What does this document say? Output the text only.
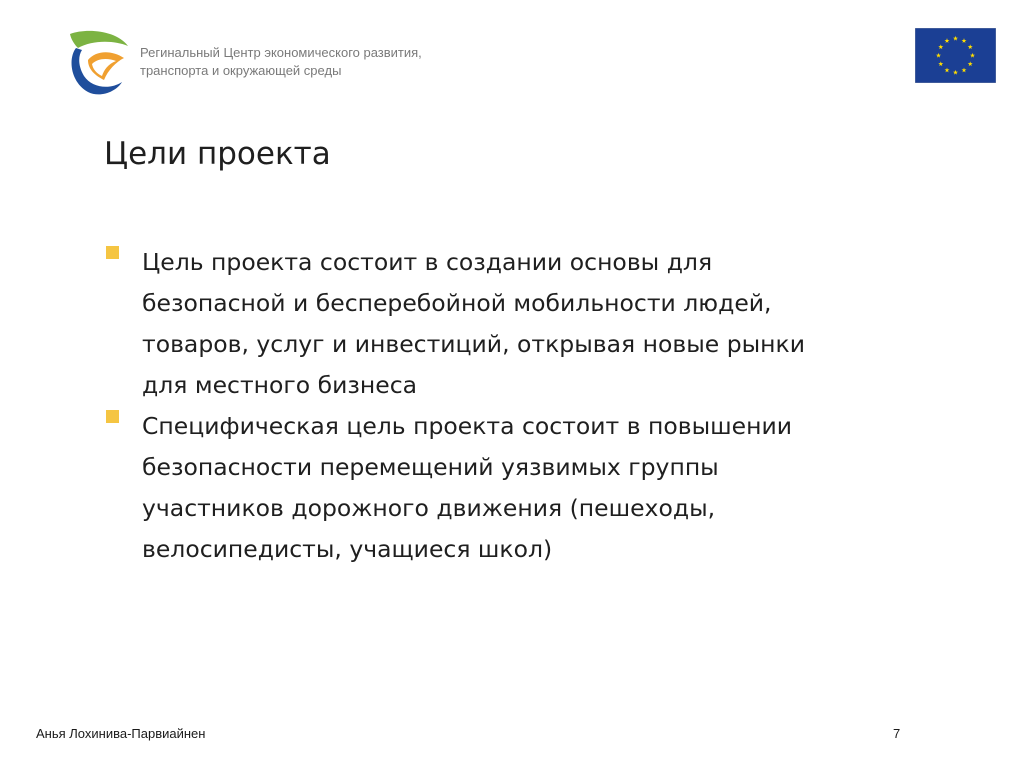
Регинальный Центр экономического развития,
транспорта и окружающей среды
Цели проекта
Цель проекта состоит в создании основы для
безопасной и бесперебойной мобильности людей,
товаров, услуг и инвестиций, открывая новые рынки
для местного бизнеса
Специфическая цель проекта состоит в повышении
безопасности перемещений уязвимых группы
участников дорожного движения (пешеходы,
велосипедисты, учащиеся школ)
Анья Лохинива-Парвиайнен	7
